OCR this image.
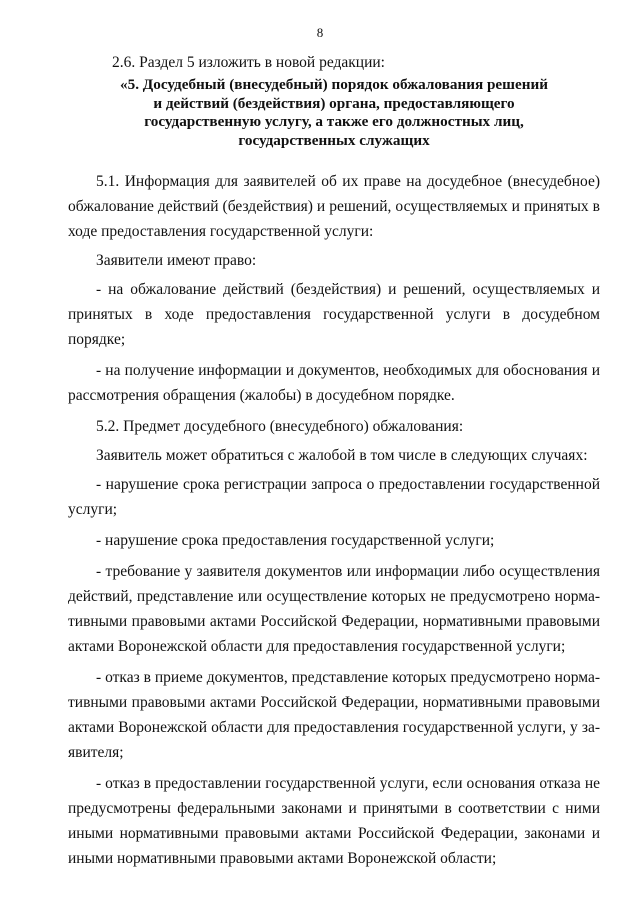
8
2.6. Раздел 5 изложить в новой редакции:
«5. Досудебный (внесудебный) порядок обжалования решений
и действий (бездействия) органа, предоставляющего
государственную услугу, а также его должностных лиц,
государственных служащих

5.1. Информация для заявителей об их праве на досудебное (внесудебное) обжалование действий (бездействия) и решений, осуществляемых и принятых в ходе предоставления государственной услуги:

Заявители имеют право:

- на обжалование действий (бездействия) и решений, осуществляемых и принятых в ходе предоставления государственной услуги в досудебном порядке;

- на получение информации и документов, необходимых для обоснования и рассмотрения обращения (жалобы) в досудебном порядке.

5.2. Предмет досудебного (внесудебного) обжалования:

Заявитель может обратиться с жалобой в том числе в следующих случаях:

- нарушение срока регистрации запроса о предоставлении государственной услуги;

- нарушение срока предоставления государственной услуги;

- требование у заявителя документов или информации либо осуществления действий, представление или осуществление которых не предусмотрено нормативными правовыми актами Российской Федерации, нормативными правовыми актами Воронежской области для предоставления государственной услуги;

- отказ в приеме документов, представление которых предусмотрено нормативными правовыми актами Российской Федерации, нормативными правовыми актами Воронежской области для предоставления государственной услуги, у заявителя;

- отказ в предоставлении государственной услуги, если основания отказа не предусмотрены федеральными законами и принятыми в соответствии с ними иными нормативными правовыми актами Российской Федерации, законами и иными нормативными правовыми актами Воронежской области;
